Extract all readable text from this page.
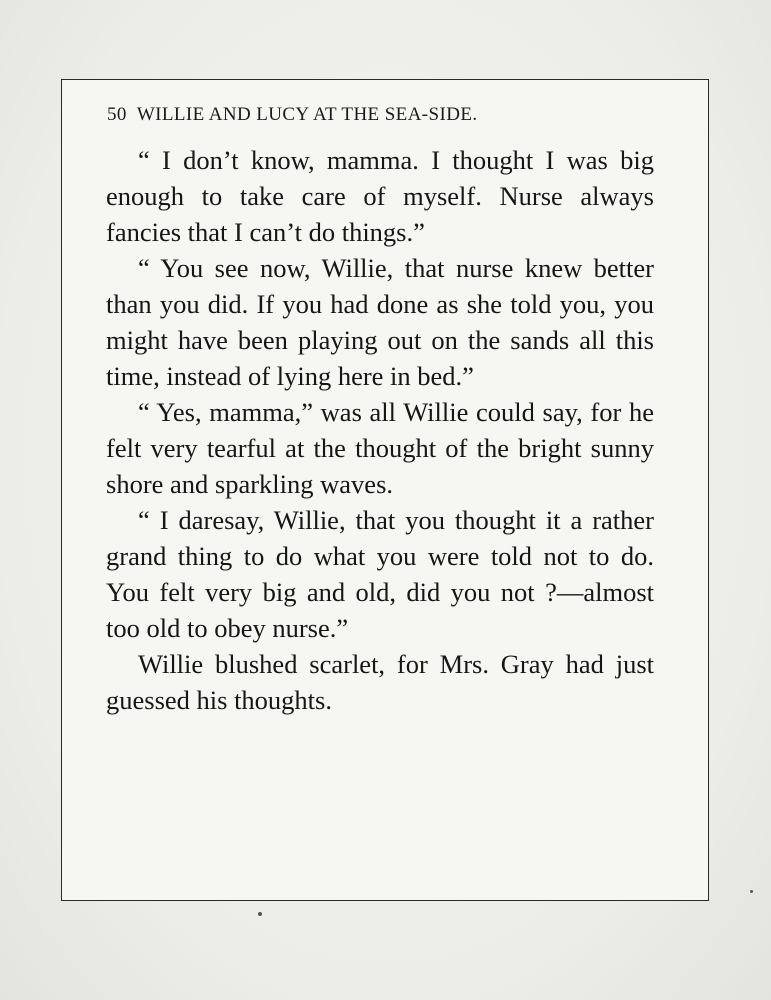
50 WILLIE AND LUCY AT THE SEA-SIDE.

“ I don’t know, mamma. I thought I was big enough to take care of myself. Nurse always fancies that I can’t do things.”

“ You see now, Willie, that nurse knew better than you did. If you had done as she told you, you might have been playing out on the sands all this time, instead of lying here in bed.”

“ Yes, mamma,” was all Willie could say, for he felt very tearful at the thought of the bright sunny shore and sparkling waves.

“ I daresay, Willie, that you thought it a rather grand thing to do what you were told not to do. You felt very big and old, did you not ?—almost too old to obey nurse.”

Willie blushed scarlet, for Mrs. Gray had just guessed his thoughts.
